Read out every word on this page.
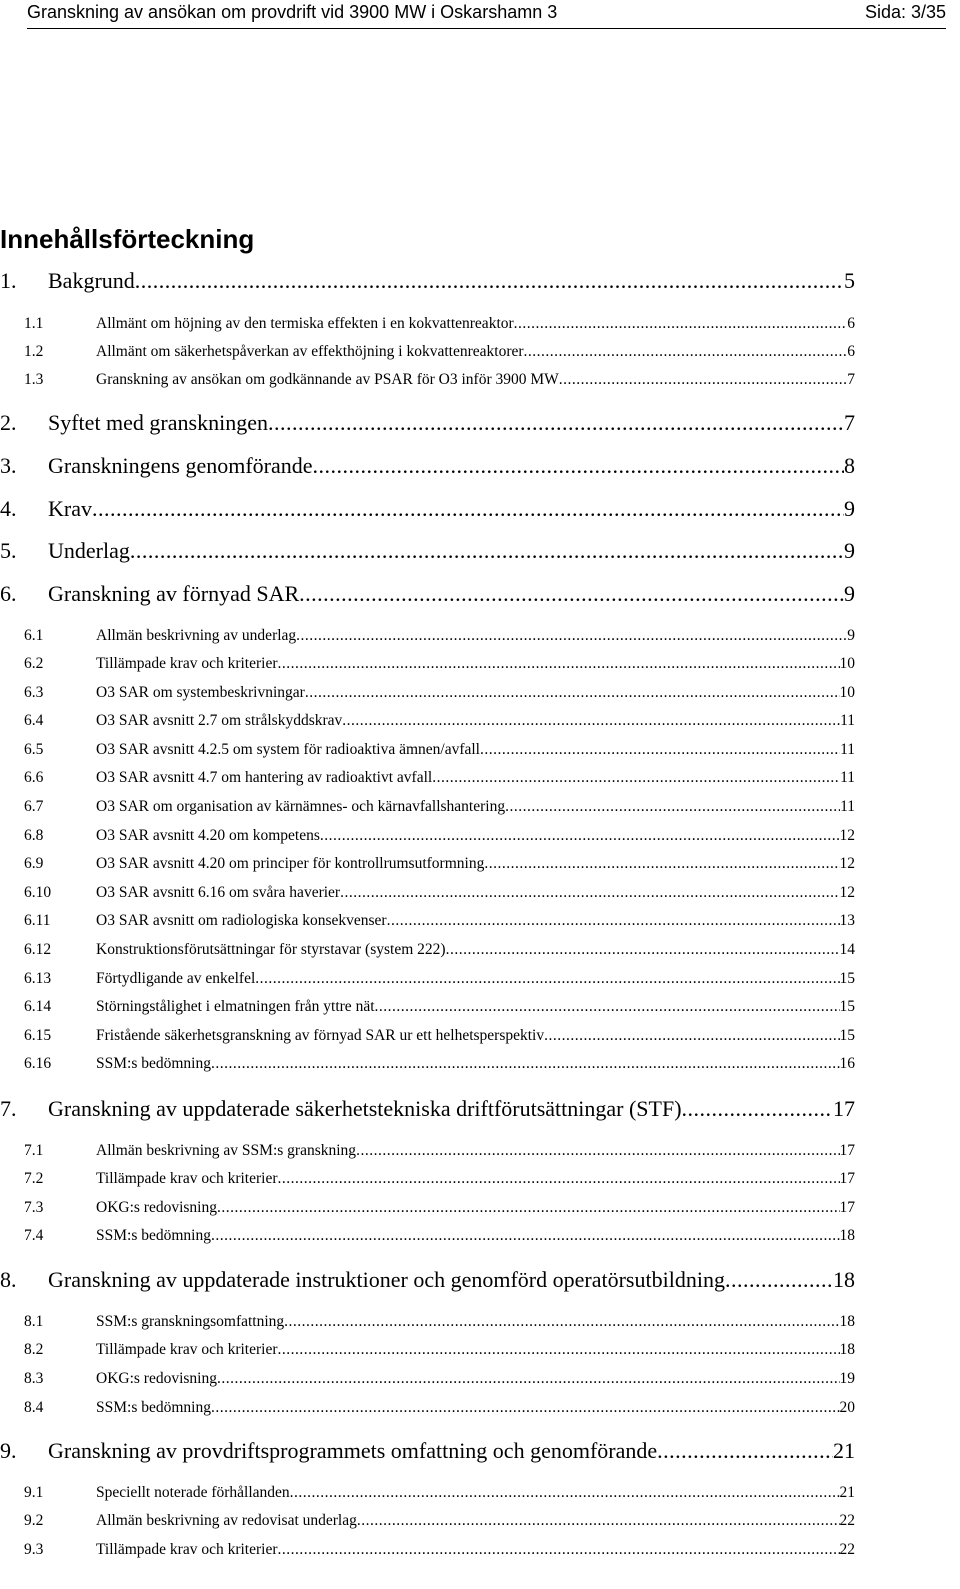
Granskning av ansökan om provdrift vid 3900 MW i Oskarshamn 3	Sida: 3/35
Innehållsförteckning
1.	Bakgrund .....	5
1.1	Allmänt om höjning av den termiska effekten i en kokvattenreaktor .....	6
1.2	Allmänt om säkerhetspåverkan av effekthöjning i kokvattenreaktorer .....	6
1.3	Granskning av ansökan om godkännande av PSAR för O3 inför 3900 MW .....	7
2.	Syftet med granskningen .....	7
3.	Granskningens genomförande .....	8
4.	Krav .....	9
5.	Underlag .....	9
6.	Granskning av förnyad SAR .....	9
6.1	Allmän beskrivning av underlag .....	9
6.2	Tillämpade krav och kriterier .....	10
6.3	O3 SAR om systembeskrivningar .....	10
6.4	O3 SAR avsnitt 2.7 om strålskyddskrav .....	11
6.5	O3 SAR avsnitt 4.2.5 om system för radioaktiva ämnen/avfall .....	11
6.6	O3 SAR avsnitt 4.7 om hantering av radioaktivt avfall .....	11
6.7	O3 SAR om organisation av kärnämnes- och kärnavfallshantering .....	11
6.8	O3 SAR avsnitt 4.20 om kompetens .....	12
6.9	O3 SAR avsnitt 4.20 om principer för kontrollrumsutformning .....	12
6.10	O3 SAR avsnitt 6.16 om svåra haverier .....	12
6.11	O3 SAR avsnitt om radiologiska konsekvenser .....	13
6.12	Konstruktionsförutsättningar för styrstavar (system 222) .....	14
6.13	Förtydligande av enkelfel .....	15
6.14	Störningstålighet i elmatningen från yttre nät .....	15
6.15	Fristående säkerhetsgranskning av förnyad SAR ur ett helhetsperspektiv .....	15
6.16	SSM:s bedömning .....	16
7.	Granskning av uppdaterade säkerhetstekniska driftförutsättningar (STF) .....	17
7.1	Allmän beskrivning av SSM:s granskning .....	17
7.2	Tillämpade krav och kriterier .....	17
7.3	OKG:s redovisning .....	17
7.4	SSM:s bedömning .....	18
8.	Granskning av uppdaterade instruktioner och genomförd operatörsutbildning .....	18
8.1	SSM:s granskningsomfattning .....	18
8.2	Tillämpade krav och kriterier .....	18
8.3	OKG:s redovisning .....	19
8.4	SSM:s bedömning .....	20
9.	Granskning av provdriftsprogrammets omfattning och genomförande .....	21
9.1	Speciellt noterade förhållanden .....	21
9.2	Allmän beskrivning av redovisat underlag .....	22
9.3	Tillämpade krav och kriterier .....	22
